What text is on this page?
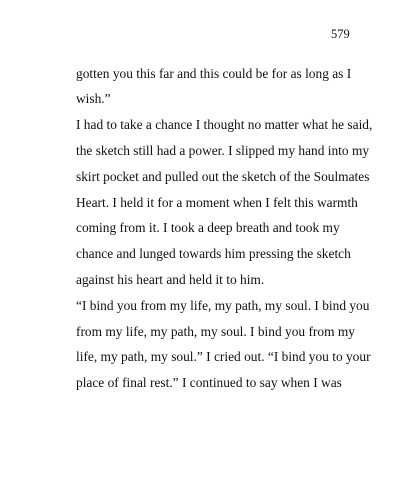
579
gotten you this far and this could be for as long as I
wish.”
I had to take a chance I thought no matter what he said,
the sketch still had a power. I slipped my hand into my
skirt pocket and pulled out the sketch of the Soulmates
Heart. I held it for a moment when I felt this warmth
coming from it. I took a deep breath and took my
chance and lunged towards him pressing the sketch
against his heart and held it to him.
“I bind you from my life, my path, my soul. I bind you
from my life, my path, my soul. I bind you from my
life, my path, my soul.” I cried out. “I bind you to your
place of final rest.” I continued to say when I was
